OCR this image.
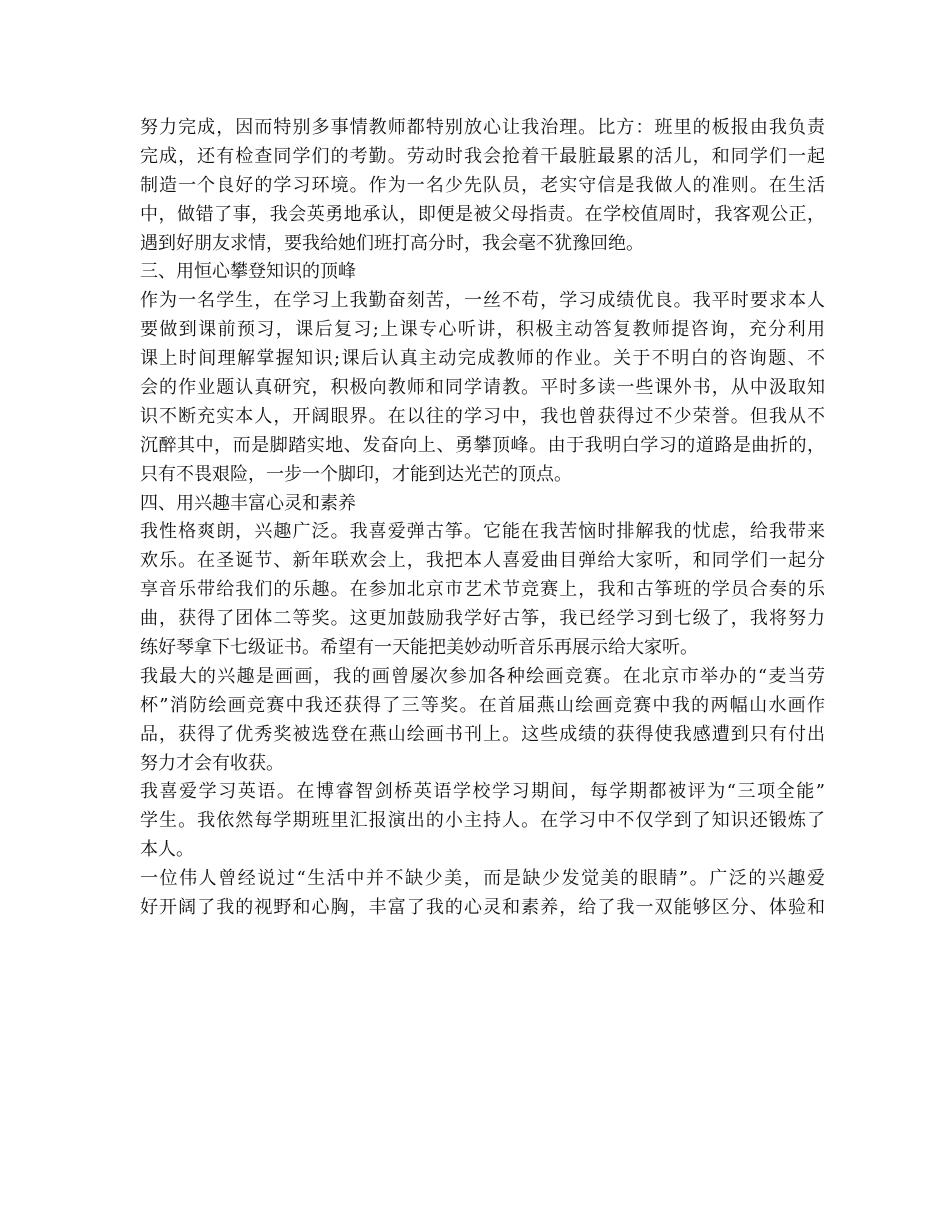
努力完成，因而特别多事情教师都特别放心让我治理。比方：班里的板报由我负责
完成，还有检查同学们的考勤。劳动时我会抢着干最脏最累的活儿，和同学们一起
制造一个良好的学习环境。作为一名少先队员，老实守信是我做人的准则。在生活
中，做错了事，我会英勇地承认，即便是被父母指责。在学校值周时，我客观公正，
遇到好朋友求情，要我给她们班打高分时，我会毫不犹豫回绝。
三、用恒心攀登知识的顶峰
作为一名学生，在学习上我勤奋刻苦，一丝不苟，学习成绩优良。我平时要求本人
要做到课前预习，课后复习;上课专心听讲，积极主动答复教师提咨询，充分利用
课上时间理解掌握知识;课后认真主动完成教师的作业。关于不明白的咨询题、不
会的作业题认真研究，积极向教师和同学请教。平时多读一些课外书，从中汲取知
识不断充实本人，开阔眼界。在以往的学习中，我也曾获得过不少荣誉。但我从不
沉醉其中，而是脚踏实地、发奋向上、勇攀顶峰。由于我明白学习的道路是曲折的，
只有不畏艰险，一步一个脚印，才能到达光芒的顶点。
四、用兴趣丰富心灵和素养
我性格爽朗，兴趣广泛。我喜爱弹古筝。它能在我苦恼时排解我的忧虑，给我带来
欢乐。在圣诞节、新年联欢会上，我把本人喜爱曲目弹给大家听，和同学们一起分
享音乐带给我们的乐趣。在参加北京市艺术节竞赛上，我和古筝班的学员合奏的乐
曲，获得了团体二等奖。这更加鼓励我学好古筝，我已经学习到七级了，我将努力
练好琴拿下七级证书。希望有一天能把美妙动听音乐再展示给大家听。
我最大的兴趣是画画，我的画曾屡次参加各种绘画竞赛。在北京市举办的“麦当劳
杯”消防绘画竞赛中我还获得了三等奖。在首届燕山绘画竞赛中我的两幅山水画作
品，获得了优秀奖被选登在燕山绘画书刊上。这些成绩的获得使我感遭到只有付出
努力才会有收获。
我喜爱学习英语。在博睿智剑桥英语学校学习期间，每学期都被评为“三项全能”
学生。我依然每学期班里汇报演出的小主持人。在学习中不仅学到了知识还锻炼了
本人。
一位伟人曾经说过“生活中并不缺少美，而是缺少发觉美的眼睛”。广泛的兴趣爱
好开阔了我的视野和心胸，丰富了我的心灵和素养，给了我一双能够区分、体验和
